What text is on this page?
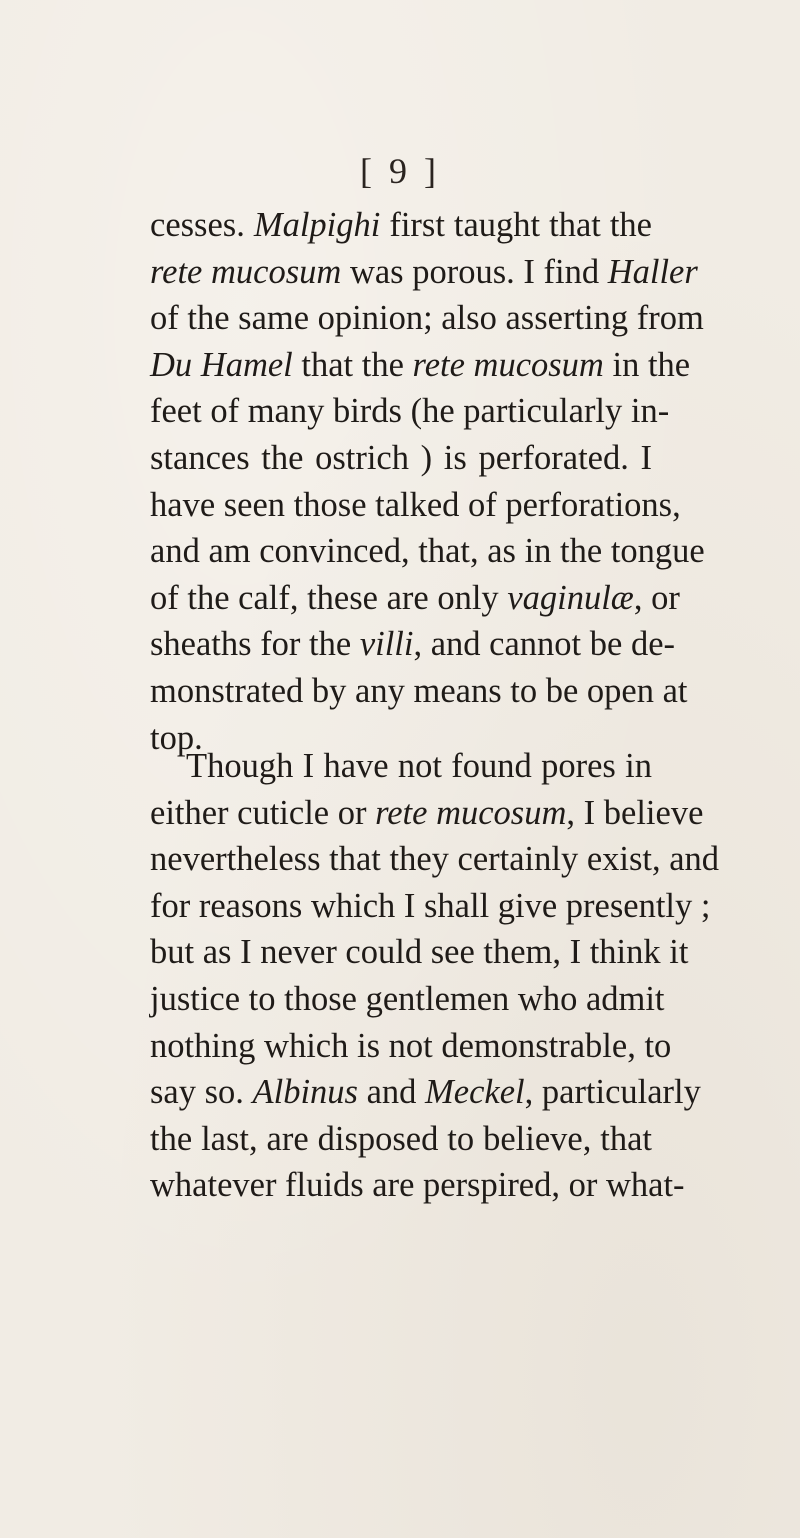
[ 9 ]
cesses. Malpighi first taught that the
rete mucosum was porous. I find Haller
of the same opinion; also asserting from
Du Hamel that the rete mucosum in the
feet of many birds (he particularly in-
stances the ostrich ) is perforated. I
have seen those talked of perforations,
and am convinced, that, as in the tongue
of the calf, these are only vaginulæ, or
sheaths for the villi, and cannot be de-
monstrated by any means to be open at
top.
Though I have not found pores in
either cuticle or rete mucosum, I believe
nevertheless that they certainly exist, and
for reasons which I shall give presently ;
but as I never could see them, I think it
justice to those gentlemen who admit
nothing which is not demonstrable, to
say so. Albinus and Meckel, particularly
the last, are disposed to believe, that
whatever fluids are perspired, or what-
